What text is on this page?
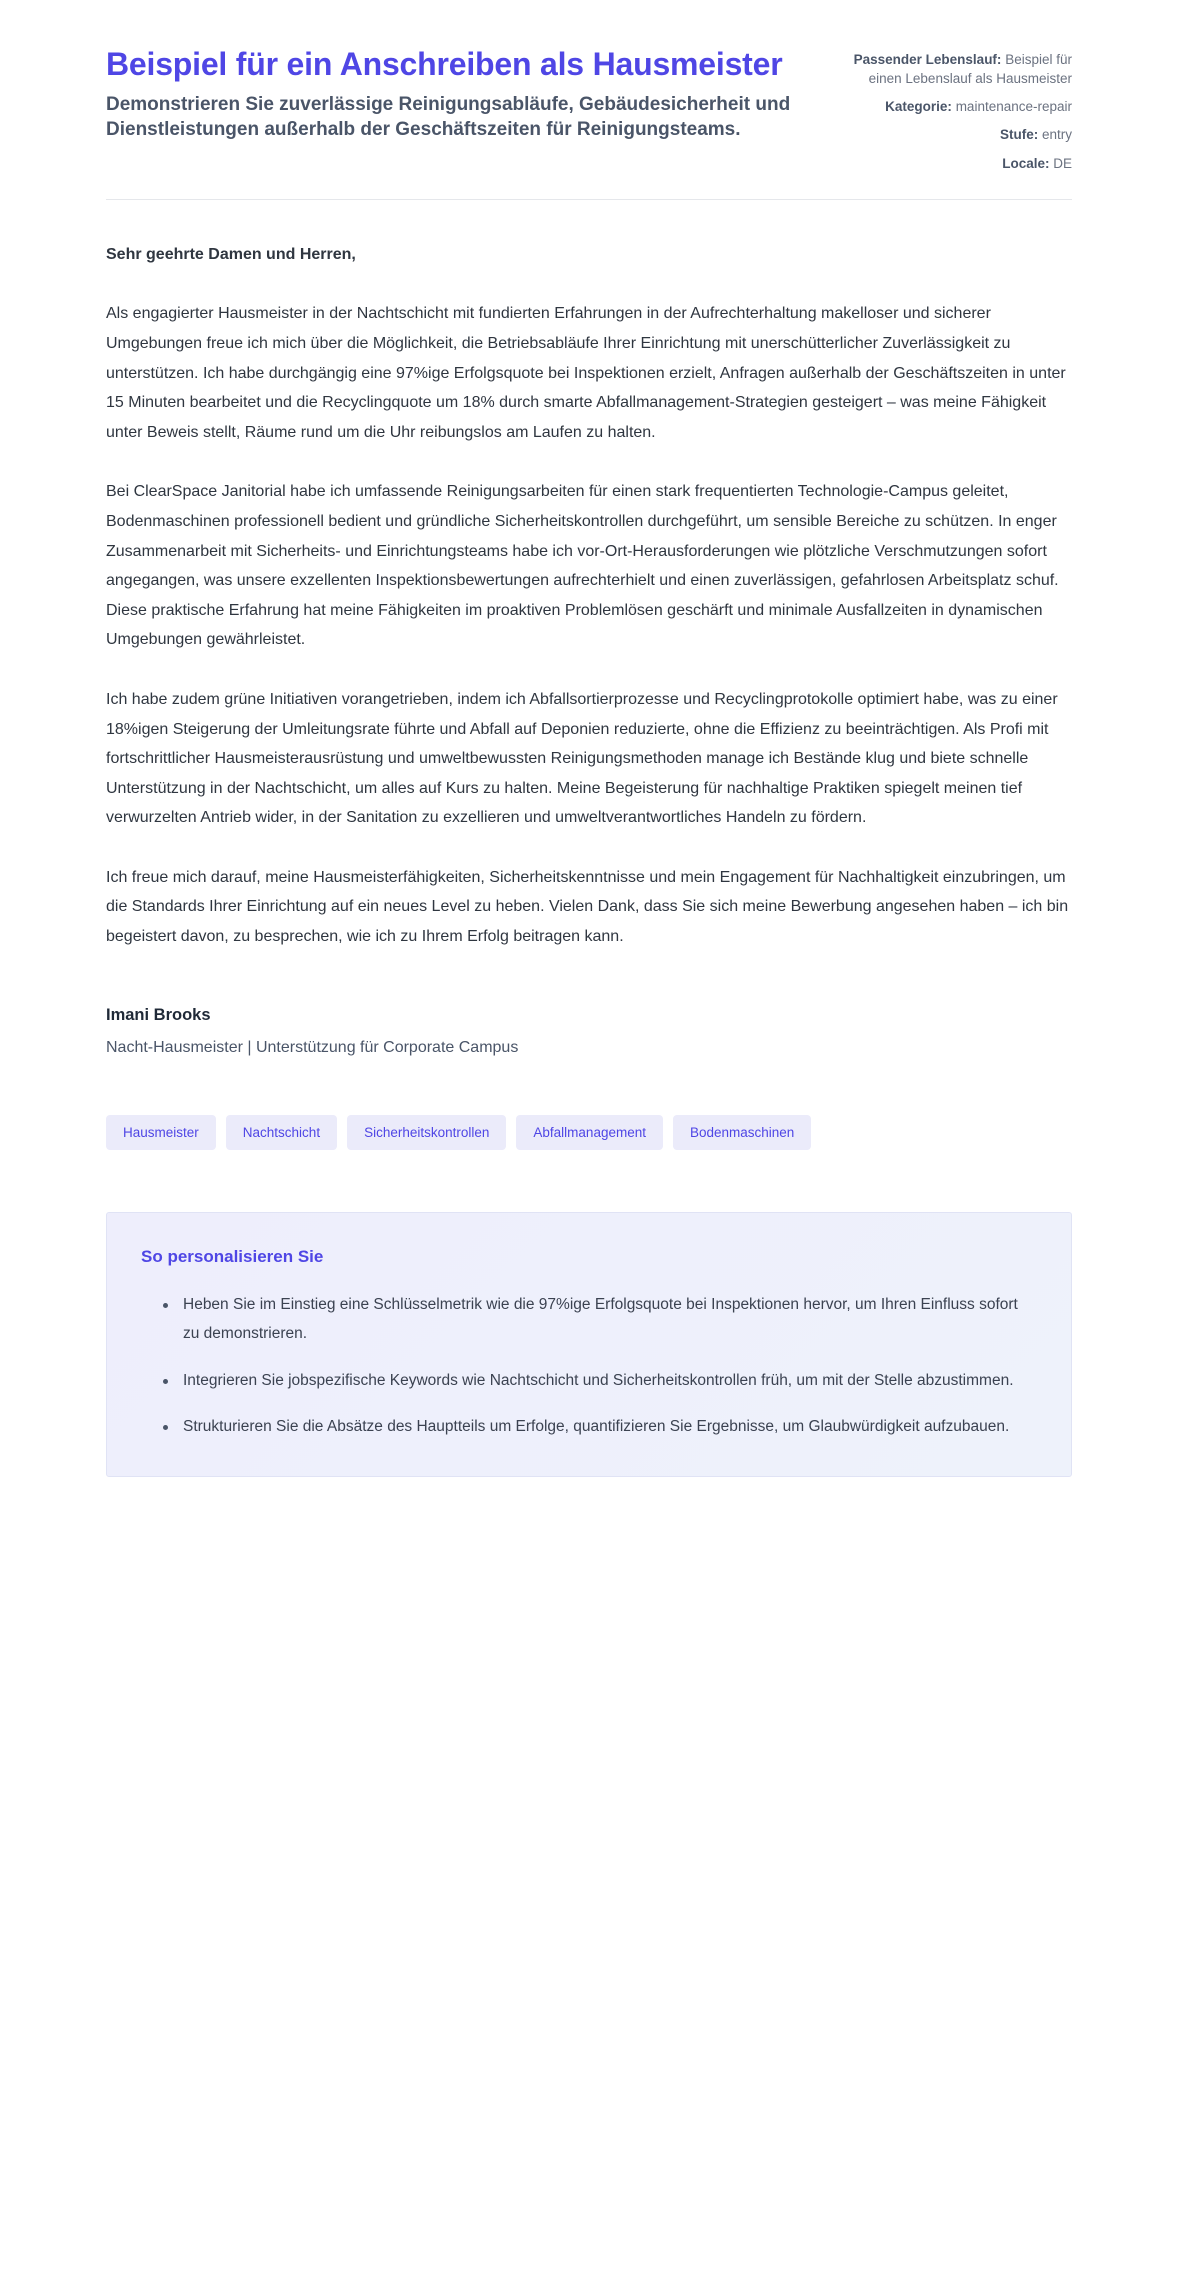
Beispiel für ein Anschreiben als Hausmeister

Demonstrieren Sie zuverlässige Reinigungsabläufe, Gebäudesicherheit und Dienstleistungen außerhalb der Geschäftszeiten für Reinigungsteams.

Passender Lebenslauf: Beispiel für einen Lebenslauf als Hausmeister
Kategorie: maintenance-repair
Stufe: entry
Locale: DE

Sehr geehrte Damen und Herren,

Als engagierter Hausmeister in der Nachtschicht mit fundierten Erfahrungen in der Aufrechterhaltung makelloser und sicherer Umgebungen freue ich mich über die Möglichkeit, die Betriebsabläufe Ihrer Einrichtung mit unerschütterlicher Zuverlässigkeit zu unterstützen. Ich habe durchgängig eine 97%ige Erfolgsquote bei Inspektionen erzielt, Anfragen außerhalb der Geschäftszeiten in unter 15 Minuten bearbeitet und die Recyclingquote um 18% durch smarte Abfallmanagement-Strategien gesteigert – was meine Fähigkeit unter Beweis stellt, Räume rund um die Uhr reibungslos am Laufen zu halten.

Bei ClearSpace Janitorial habe ich umfassende Reinigungsarbeiten für einen stark frequentierten Technologie-Campus geleitet, Bodenmaschinen professionell bedient und gründliche Sicherheitskontrollen durchgeführt, um sensible Bereiche zu schützen. In enger Zusammenarbeit mit Sicherheits- und Einrichtungsteams habe ich vor-Ort-Herausforderungen wie plötzliche Verschmutzungen sofort angegangen, was unsere exzellenten Inspektionsbewertungen aufrechterhielt und einen zuverlässigen, gefahrlosen Arbeitsplatz schuf. Diese praktische Erfahrung hat meine Fähigkeiten im proaktiven Problemlösen geschärft und minimale Ausfallzeiten in dynamischen Umgebungen gewährleistet.

Ich habe zudem grüne Initiativen vorangetrieben, indem ich Abfallsortierprozesse und Recyclingprotokolle optimiert habe, was zu einer 18%igen Steigerung der Umleitungsrate führte und Abfall auf Deponien reduzierte, ohne die Effizienz zu beeinträchtigen. Als Profi mit fortschrittlicher Hausmeisterausrüstung und umweltbewussten Reinigungsmethoden manage ich Bestände klug und biete schnelle Unterstützung in der Nachtschicht, um alles auf Kurs zu halten. Meine Begeisterung für nachhaltige Praktiken spiegelt meinen tief verwurzelten Antrieb wider, in der Sanitation zu exzellieren und umweltverantwortliches Handeln zu fördern.

Ich freue mich darauf, meine Hausmeisterfähigkeiten, Sicherheitskenntnisse und mein Engagement für Nachhaltigkeit einzubringen, um die Standards Ihrer Einrichtung auf ein neues Level zu heben. Vielen Dank, dass Sie sich meine Bewerbung angesehen haben – ich bin begeistert davon, zu besprechen, wie ich zu Ihrem Erfolg beitragen kann.

Imani Brooks

Nacht-Hausmeister | Unterstützung für Corporate Campus

Hausmeister	Nachtschicht	Sicherheitskontrollen	Abfallmanagement	Bodenmaschinen
So personalisieren Sie
Heben Sie im Einstieg eine Schlüsselmetrik wie die 97%ige Erfolgsquote bei Inspektionen hervor, um Ihren Einfluss sofort zu demonstrieren.
Integrieren Sie jobspezifische Keywords wie Nachtschicht und Sicherheitskontrollen früh, um mit der Stelle abzustimmen.
Strukturieren Sie die Absätze des Hauptteils um Erfolge, quantifizieren Sie Ergebnisse, um Glaubwürdigkeit aufzubauen.
